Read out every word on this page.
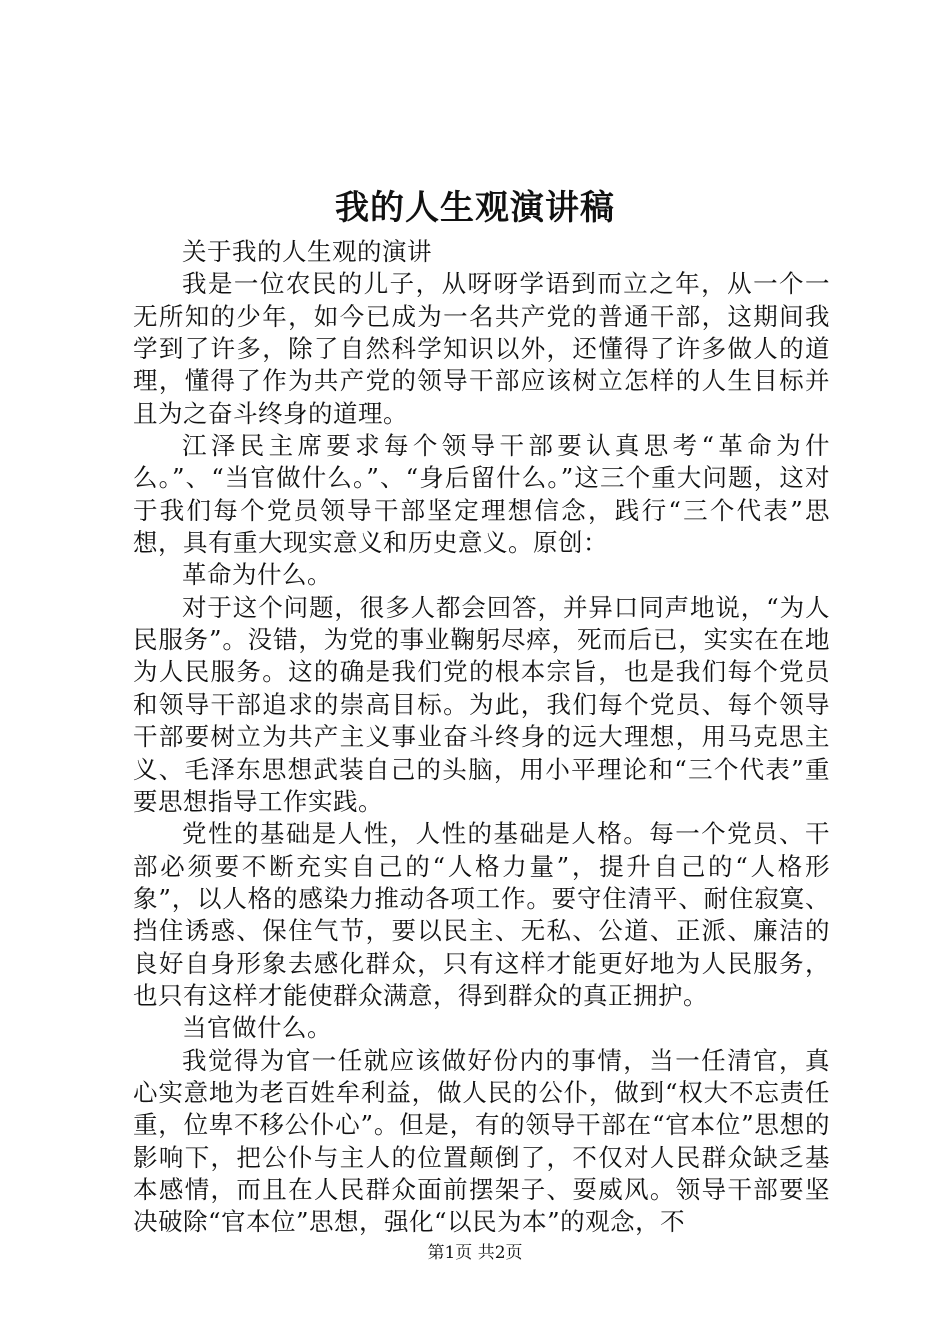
我的人生观演讲稿

关于我的人生观的演讲

我是一位农民的儿子，从呀呀学语到而立之年，从一个一无所知的少年，如今已成为一名共产党的普通干部，这期间我学到了许多，除了自然科学知识以外，还懂得了许多做人的道理，懂得了作为共产党的领导干部应该树立怎样的人生目标并且为之奋斗终身的道理。

江泽民主席要求每个领导干部要认真思考“革命为什么。”、“当官做什么。”、“身后留什么。”这三个重大问题，这对于我们每个党员领导干部坚定理想信念，践行“三个代表”思想，具有重大现实意义和历史意义。原创：

革命为什么。

对于这个问题，很多人都会回答，并异口同声地说，“为人民服务”。没错，为党的事业鞠躬尽瘁，死而后已，实实在在地为人民服务。这的确是我们党的根本宗旨，也是我们每个党员和领导干部追求的崇高目标。为此，我们每个党员、每个领导干部要树立为共产主义事业奋斗终身的远大理想，用马克思主义、毛泽东思想武装自己的头脑，用小平理论和“三个代表”重要思想指导工作实践。

党性的基础是人性，人性的基础是人格。每一个党员、干部必须要不断充实自己的“人格力量”，提升自己的“人格形象”，以人格的感染力推动各项工作。要守住清平、耐住寂寞、挡住诱惑、保住气节，要以民主、无私、公道、正派、廉洁的良好自身形象去感化群众，只有这样才能更好地为人民服务，也只有这样才能使群众满意，得到群众的真正拥护。

当官做什么。

我觉得为官一任就应该做好份内的事情，当一任清官，真心实意地为老百姓牟利益，做人民的公仆，做到“权大不忘责任重，位卑不移公仆心”。但是，有的领导干部在“官本位”思想的影响下，把公仆与主人的位置颠倒了，不仅对人民群众缺乏基本感情，而且在人民群众面前摆架子、耍威风。领导干部要坚决破除“官本位”思想，强化“以民为本”的观念，不

第1页 共2页
